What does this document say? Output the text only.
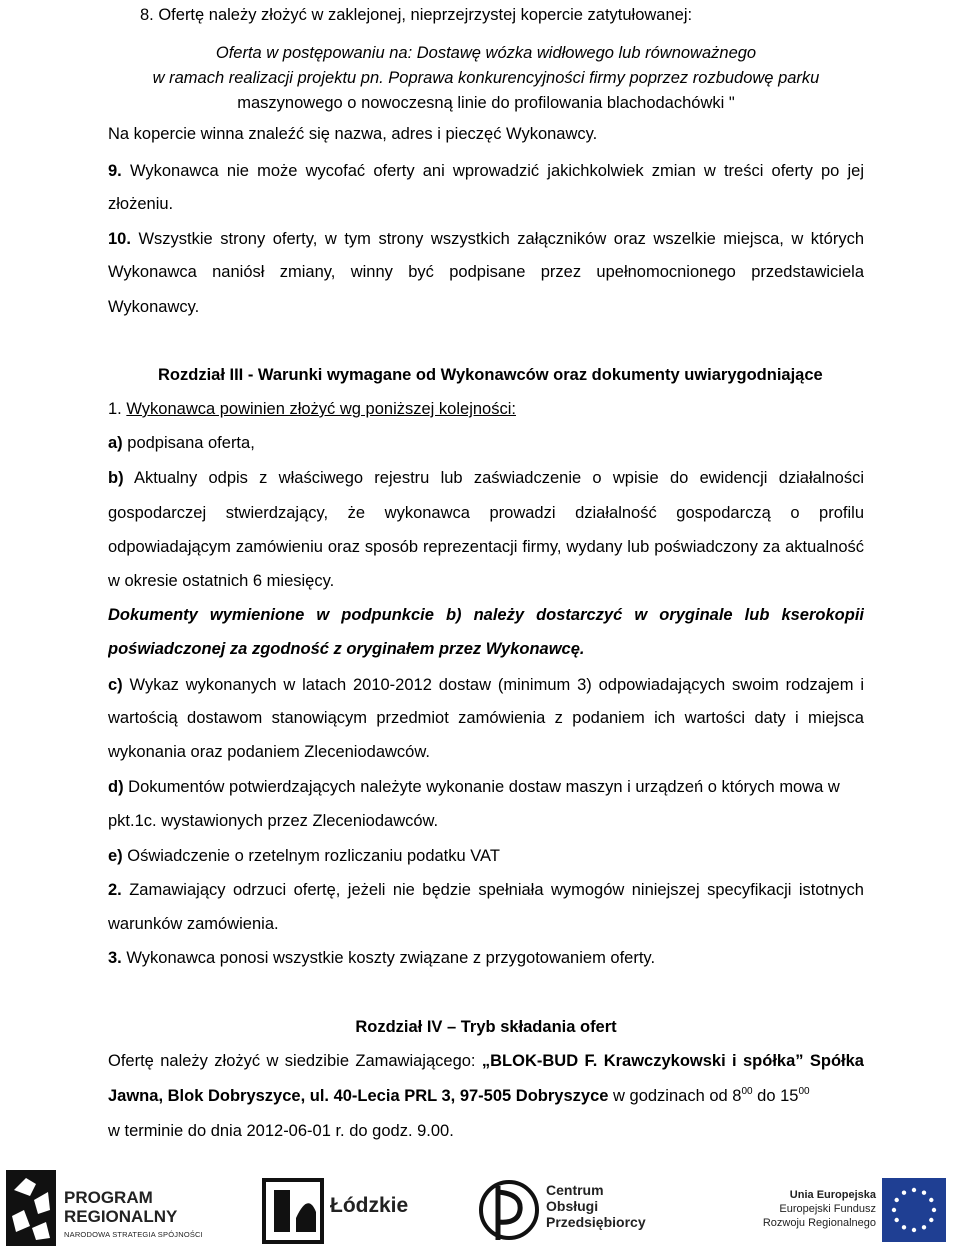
8. Ofertę należy złożyć w zaklejonej, nieprzejrzystej kopercie zatytułowanej:
Oferta w postępowaniu na: Dostawę wózka widłowego lub równoważnego
w ramach realizacji projektu pn. Poprawa konkurencyjności firmy poprzez rozbudowę parku
maszynowego o nowoczesną linie do profilowania blachodachówki "
Na kopercie winna znaleźć się nazwa, adres i pieczęć Wykonawcy.
9. Wykonawca nie może wycofać oferty ani wprowadzić jakichkolwiek zmian w treści oferty po jej
złożeniu.
10. Wszystkie strony oferty, w tym strony wszystkich załączników oraz wszelkie miejsca, w których
Wykonawca naniósł zmiany, winny być podpisane przez upełnomocnionego przedstawiciela
Wykonawcy.
Rozdział III - Warunki wymagane od Wykonawców oraz dokumenty uwiarygodniające
1. Wykonawca powinien złożyć wg poniższej kolejności:
a) podpisana oferta,
b) Aktualny odpis z właściwego rejestru lub zaświadczenie o wpisie do ewidencji działalności
gospodarczej stwierdzający, że wykonawca prowadzi działalność gospodarczą o profilu
odpowiadającym zamówieniu oraz sposób reprezentacji firmy, wydany lub poświadczony za aktualność
w okresie ostatnich 6 miesięcy.
Dokumenty wymienione w podpunkcie b) należy dostarczyć w oryginale lub kserokopii
poświadczonej za zgodność z oryginałem przez Wykonawcę.
c) Wykaz wykonanych w latach 2010-2012 dostaw (minimum 3) odpowiadających swoim rodzajem i
wartością dostawom stanowiącym przedmiot zamówienia z podaniem ich wartości daty i miejsca
wykonania oraz podaniem Zleceniodawców.
d) Dokumentów potwierdzających należyte wykonanie dostaw maszyn i urządzeń o których mowa w
pkt.1c. wystawionych przez Zleceniodawców.
e) Oświadczenie o rzetelnym rozliczaniu podatku VAT
2. Zamawiający odrzuci ofertę, jeżeli nie będzie spełniała wymogów niniejszej specyfikacji istotnych
warunków zamówienia.
3. Wykonawca ponosi wszystkie koszty związane z przygotowaniem oferty.
Rozdział IV – Tryb składania ofert
Ofertę należy złożyć w siedzibie Zamawiającego: „BLOK-BUD F. Krawczykowski i spółka” Spółka
Jawna, Blok Dobryszyce, ul. 40-Lecia PRL 3, 97-505 Dobryszyce w godzinach od $8^{00}$ do $15^{00}$
w terminie do dnia 2012-06-01 r. do godz. 9.00.
PROGRAM
REGIONALNY
NARODOWA STRATEGIA SPÓJNOŚCI
Łódzkie
Centrum
Obsługi
Przedsiębiorcy
Unia Europejska
Europejski Fundusz
Rozwoju Regionalnego
